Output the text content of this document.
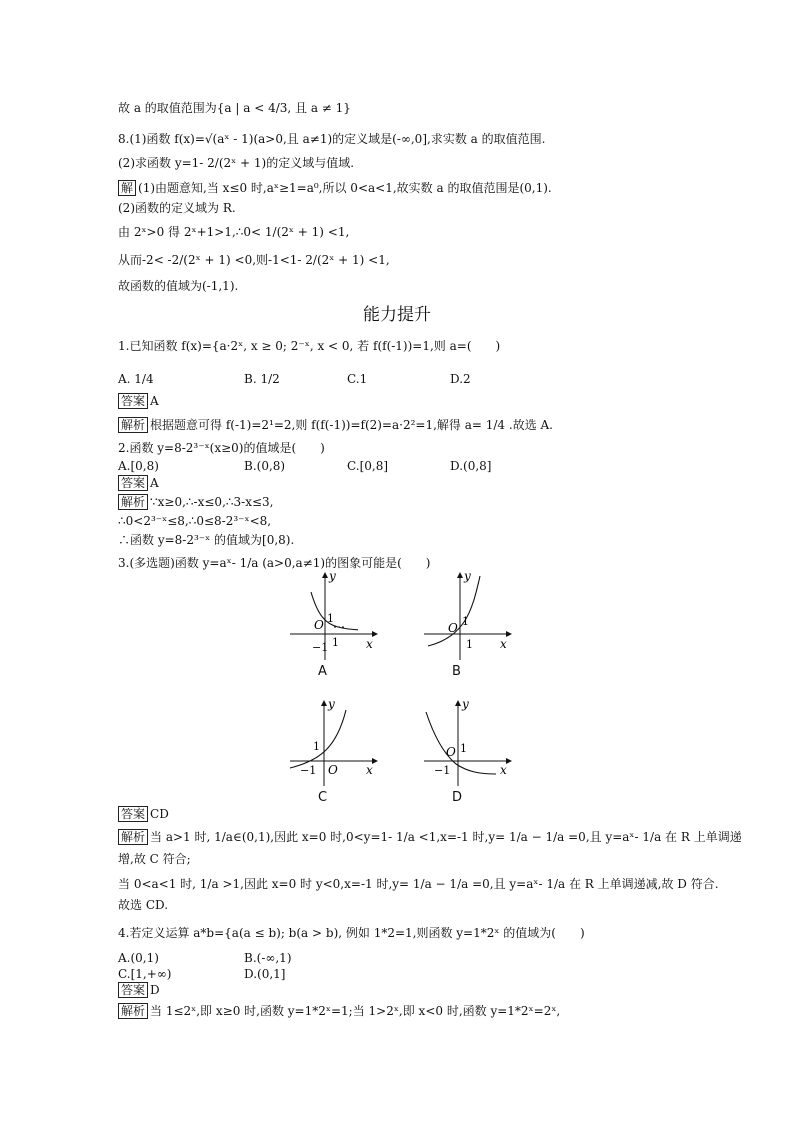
故 a 的取值范围为{a | a < 4/3, 且 a ≠ 1}
8.(1)函数 f(x)=√(aˣ - 1)(a>0,且 a≠1)的定义域是(-∞,0],求实数 a 的取值范围.
(2)求函数 y=1- 2/(2ˣ + 1)的定义域与值域.
解 (1)由题意知,当 x≤0 时,aˣ≥1=a⁰,所以 0<a<1,故实数 a 的取值范围是(0,1).
(2)函数的定义域为 R.
由 2ˣ>0 得 2ˣ+1>1,∴0< 1/(2ˣ + 1) <1,
从而-2< -2/(2ˣ + 1) <0,则-1<1- 2/(2ˣ + 1) <1,
故函数的值域为(-1,1).
能力提升
1.已知函数 f(x)={a·2ˣ, x ≥ 0; 2⁻ˣ, x < 0, 若 f(f(-1))=1,则 a=(　　)
A. 1/4	B. 1/2	C.1	D.2
答案 A
解析 根据题意可得 f(-1)=2¹=2,则 f(f(-1))=f(2)=a·2²=1,解得 a= 1/4 .故选 A.
2.函数 y=8-2³⁻ˣ(x≥0)的值域是(　　)
A.[0,8)	B.(0,8)	C.[0,8]	D.(0,8]
答案 A
解析 ∵x≥0,∴-x≤0,∴3-x≤3,
∴0<2³⁻ˣ≤8,∴0≤8-2³⁻ˣ<8,
∴函数 y=8-2³⁻ˣ 的值域为[0,8).
3.(多选题)函数 y=aˣ- 1/a (a>0,a≠1)的图象可能是(　　)
O 1
1
−1	x
y
A
O 1
1 x
y
B
1
−1 O x
y
C
O 1
−1	x
y
D
答案 CD
解析 当 a>1 时, 1/a∈(0,1),因此 x=0 时,0<y=1- 1/a <1,x=-1 时,y= 1/a − 1/a =0,且 y=aˣ- 1/a 在 R 上单调递
增,故 C 符合;
当 0<a<1 时, 1/a >1,因此 x=0 时 y<0,x=-1 时,y= 1/a − 1/a =0,且 y=aˣ- 1/a 在 R 上单调递减,故 D 符合.
故选 CD.
4.若定义运算 a*b={a(a ≤ b); b(a > b), 例如 1*2=1,则函数 y=1*2ˣ 的值域为(　　)
A.(0,1)	B.(-∞,1)
C.[1,+∞)	D.(0,1]
答案 D
解析 当 1≤2ˣ,即 x≥0 时,函数 y=1*2ˣ=1;当 1>2ˣ,即 x<0 时,函数 y=1*2ˣ=2ˣ,
